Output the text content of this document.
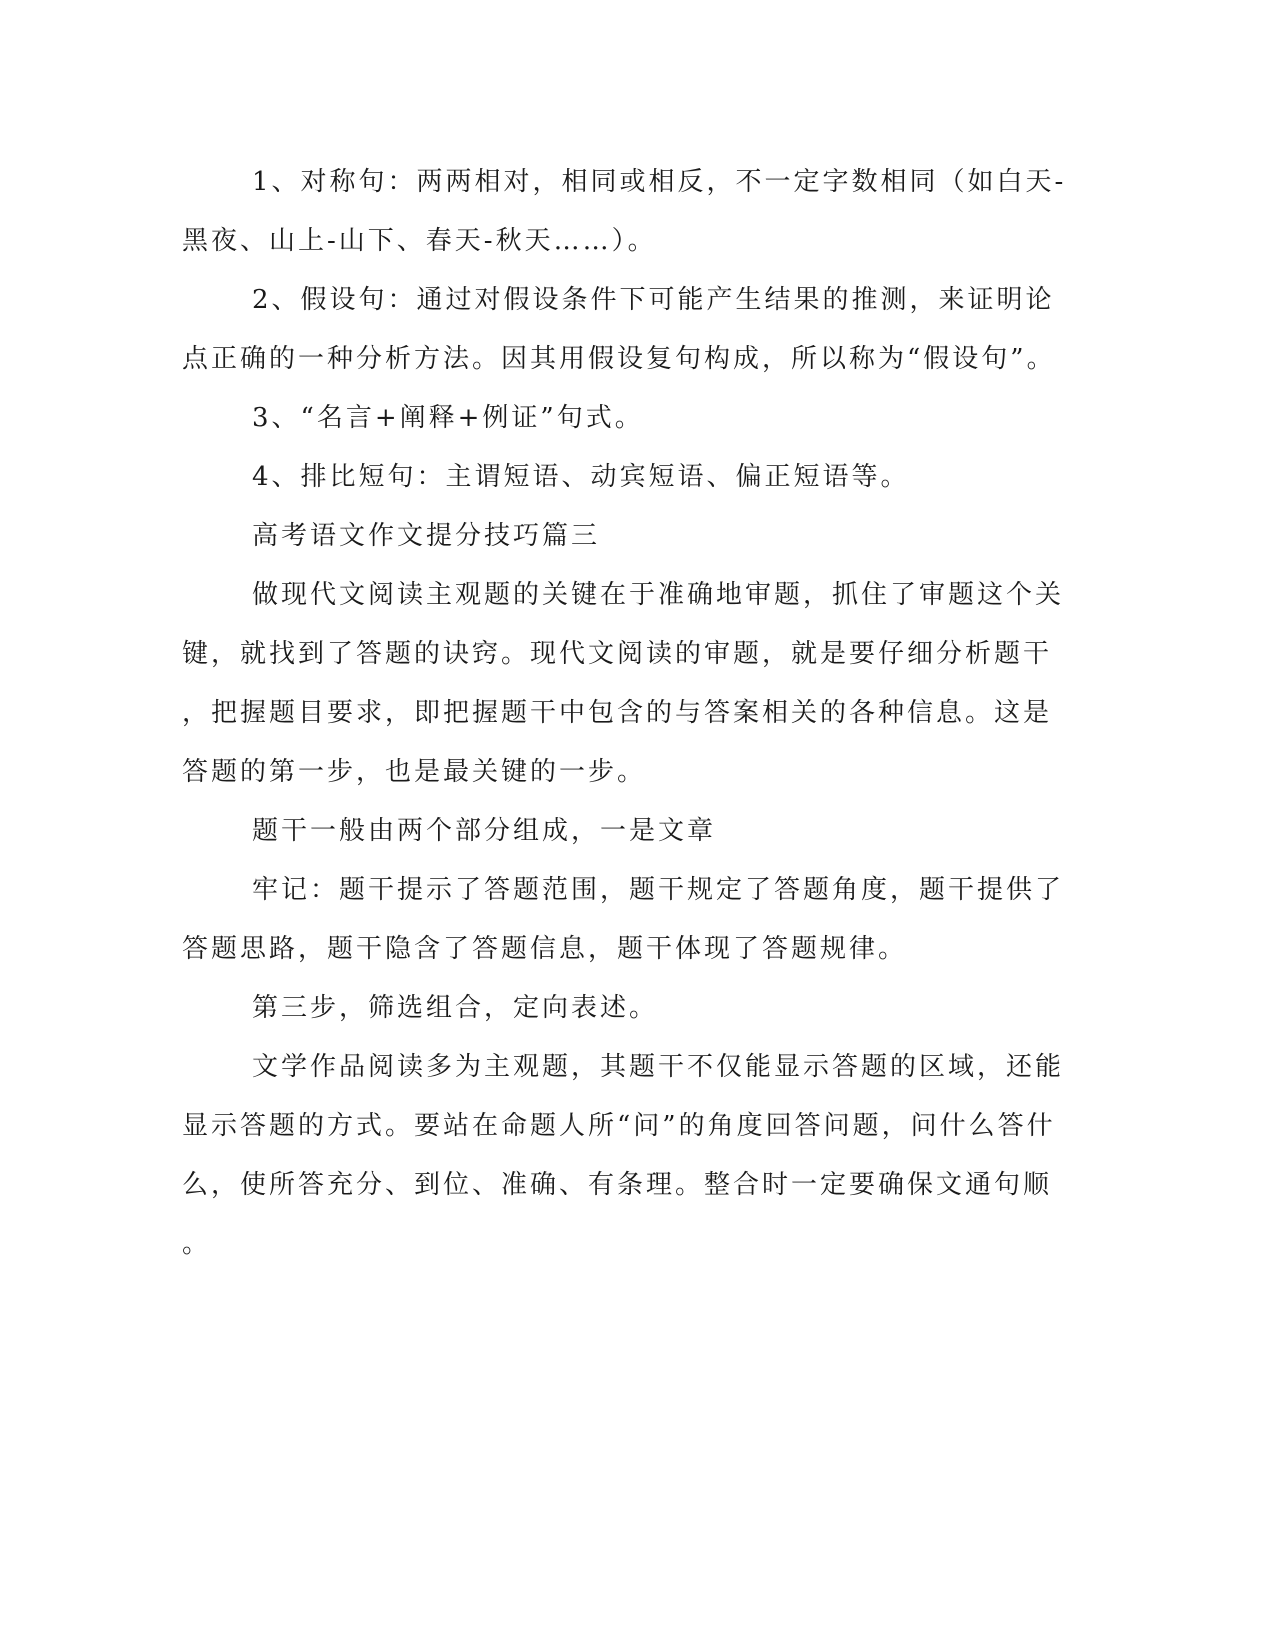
1、对称句：两两相对，相同或相反，不一定字数相同（如白天-

黑夜、山上-山下、春天-秋天……）。

2、假设句：通过对假设条件下可能产生结果的推测，来证明论

点正确的一种分析方法。因其用假设复句构成，所以称为“假设句”。

3、“名言+阐释+例证”句式。

4、排比短句：主谓短语、动宾短语、偏正短语等。

高考语文作文提分技巧篇三

做现代文阅读主观题的关键在于准确地审题，抓住了审题这个关

键，就找到了答题的诀窍。现代文阅读的审题，就是要仔细分析题干

，把握题目要求，即把握题干中包含的与答案相关的各种信息。这是

答题的第一步，也是最关键的一步。

题干一般由两个部分组成，一是文章

牢记：题干提示了答题范围，题干规定了答题角度，题干提供了

答题思路，题干隐含了答题信息，题干体现了答题规律。

第三步，筛选组合，定向表述。

文学作品阅读多为主观题，其题干不仅能显示答题的区域，还能

显示答题的方式。要站在命题人所“问”的角度回答问题，问什么答什

么，使所答充分、到位、准确、有条理。整合时一定要确保文通句顺

。
